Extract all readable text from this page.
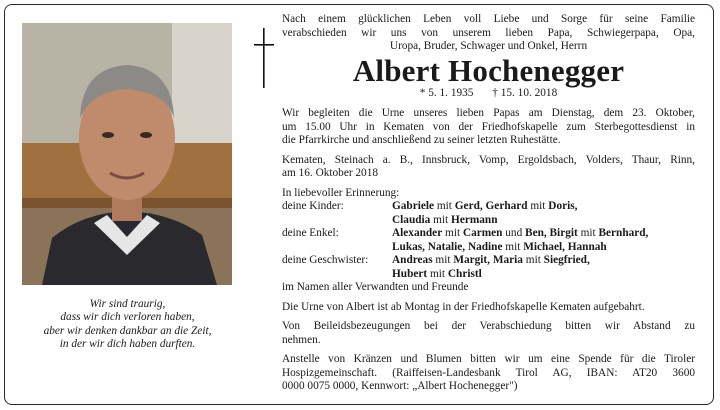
Wir sind traurig,
dass wir dich verloren haben,
aber wir denken dankbar an die Zeit,
in der wir dich haben durften.
Nach einem glücklichen Leben voll Liebe und Sorge für seine Familie
verabschieden wir uns von unserem lieben Papa, Schwiegerpapa, Opa,
Uropa, Bruder, Schwager und Onkel, Herrn
Albert Hochenegger
* 5. 1. 1935 † 15. 10. 2018
Wir begleiten die Urne unseres lieben Papas am Dienstag, dem 23. Oktober,
um 15.00 Uhr in Kematen von der Friedhofskapelle zum Sterbegottesdienst in
die Pfarrkirche und anschließend zu seiner letzten Ruhestätte.
Kematen, Steinach a. B., Innsbruck, Vomp, Ergoldsbach, Volders, Thaur, Rinn,
am 16. Oktober 2018
In liebevoller Erinnerung:
deine Kinder:	Gabriele mit Gerd, Gerhard mit Doris,
Claudia mit Hermann
deine Enkel:	Alexander mit Carmen und Ben, Birgit mit Bernhard,
Lukas, Natalie, Nadine mit Michael, Hannah
deine Geschwister:	Andreas mit Margit, Maria mit Siegfried,
Hubert mit Christl
im Namen aller Verwandten und Freunde
Die Urne von Albert ist ab Montag in der Friedhofskapelle Kematen aufgebahrt.
Von Beileidsbezeugungen bei der Verabschiedung bitten wir Abstand zu
nehmen.
Anstelle von Kränzen und Blumen bitten wir um eine Spende für die Tiroler
Hospizgemeinschaft. (Raiffeisen-Landesbank Tirol AG, IBAN: AT20 3600
0000 0075 0000, Kennwort: „Albert Hochenegger")
